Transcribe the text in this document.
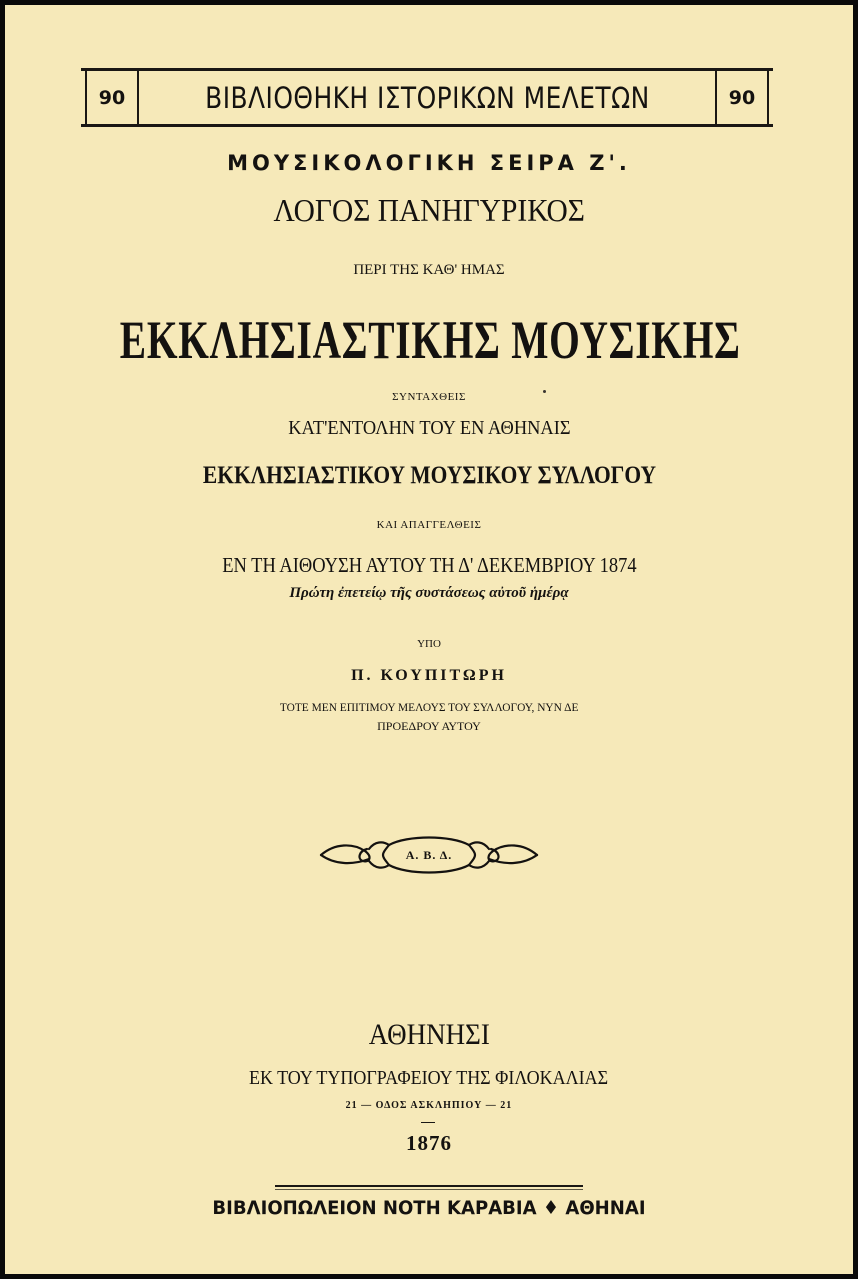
90	ΒΙΒΛΙΟΘΗΚΗ ΙΣΤΟΡΙΚΩΝ ΜΕΛΕΤΩΝ	90
ΜΟΥΣΙΚΟΛΟΓΙΚΗ ΣΕΙΡΑ Ζ'.
ΛΟΓΟΣ ΠΑΝΗΓΥΡΙΚΟΣ
ΠΕΡΙ ΤΗΣ ΚΑΘ' ΗΜΑΣ
ΕΚΚΛΗΣΙΑΣΤΙΚΗΣ ΜΟΥΣΙΚΗΣ
ΣΥΝΤΑΧΘΕΙΣ
ΚΑΤ'ΕΝΤΟΛΗΝ ΤΟΥ ΕΝ ΑΘΗΝΑΙΣ
ΕΚΚΛΗΣΙΑΣΤΙΚΟΥ ΜΟΥΣΙΚΟΥ ΣΥΛΛΟΓΟΥ
ΚΑΙ ΑΠΑΓΓΕΛΘΕΙΣ
ΕΝ ΤΗ ΑΙΘΟΥΣΗ ΑΥΤΟΥ ΤΗ Δ' ΔΕΚΕΜΒΡΙΟΥ 1874
Πρώτη ἐπετείῳ τῆς συστάσεως αὐτοῦ ἡμέρᾳ
ΥΠΟ
Π. ΚΟΥΠΙΤΩΡΗ
ΤΟΤΕ ΜΕΝ ΕΠΙΤΙΜΟΥ ΜΕΛΟΥΣ ΤΟΥ ΣΥΛΛΟΓΟΥ, ΝΥΝ ΔΕ
ΠΡΟΕΔΡΟΥ ΑΥΤΟΥ
Α. Β. Δ.
ΑΘΗΝΗΣΙ
ΕΚ ΤΟΥ ΤΥΠΟΓΡΑΦΕΙΟΥ ΤΗΣ ΦΙΛΟΚΑΛΙΑΣ
21 — ΟΔΟΣ ΑΣΚΛΗΠΙΟΥ — 21
1876
ΒΙΒΛΙΟΠΩΛΕΙΟΝ ΝΟΤΗ ΚΑΡΑΒΙΑ ♦ ΑΘΗΝΑΙ
